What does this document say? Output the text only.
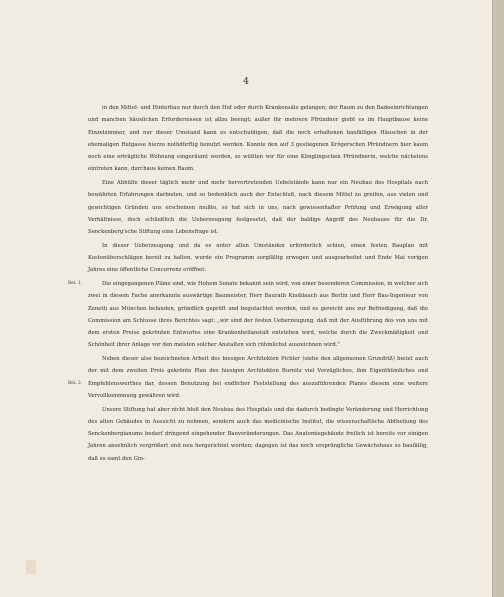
4

in den Mittel- und Hinterbau nur durch den Hof oder durch Krankensäle gelangen; der Raum zu den Badeeinrichtungen und manchen häuslichen Erfordernissen ist allzu beengt; außer für mehrere Pfründner giebt es im Hauptbause keine Einzelzimmer, und nur dieser Umstand kann es entschuldigen, daß die noch erhaltenen baufälligen Häuschen in der ehemaligen Rutgasse hierzu nothdürftig benutzt werden. Konnte den auf 3 gestiegenen Krögerschen Pfründnern hier kaum noch eine erträgliche Wohnung eingeräumt werden, so wüßten wir für eine Künglingschen Pfründnerin, welche nächstens eintreten kann, durchaus keinen Raum.

Eine Abhülfe dieser täglich mehr und mehr hervortretenden Uebelstände kann nur ein Neubau des Hospitals nach bewährten Erfahrungen darbieten, und so bedenklich auch der Entschluß, nach diesem Mittel zu greifen, aus vielen und gewichtigen Gründen uns erscheinen mußte, so hat sich in uns, nach gewissenhafter Prüfung und Erwägung aller Verhältnisse, doch schließlich die Ueberzeugung festgesetzt, daß der baldige Angriff des Neubaues für die Dr. Senckenberg'sche Stiftung eine Lebensfrage ist.

In dieser Ueberzeugung und da es unter allen Umständen erforderlich schien, einen festen Bauplan mit Kostenüberschlägen bereit zu halten, wurde ein Programm sorgfältig erwogen und ausgearbeitet und Ende Mai vorigen Jahres eine öffentliche Concurrenz eröffnet.

Die eingegangenen Pläne sind, wie Hohem Senate bekannt sein wird, von einer besonderen Commission, in welcher sich zwei in diesem Fache anerkannte auswärtige Baumeister, Herr Baurath Knoblauch aus Berlin und Herr Bau-Ingenieur von Zenetti aus München befanden, gründlich geprüft und begutachtet worden, und es gereicht uns zur Befriedigung, daß die Commission am Schlusse ihres Berichtes sagt: „wir sind der festen Ueberzeugung, daß mit der Ausführung des von uns mit dem ersten Preise gekrönten Entwurfes eine Krankenheilanstalt entstehen wird, welche durch die Zweckmäßigkeit und Schönheit ihrer Anlage vor den meisten solcher Anstalten sich rühmlichst auszeichnen wird."

Neben dieser also bezeichneten Arbeit des hiesigen Architekten Pichler (siehe den allgemeinen Grundriß) bietet auch der mit dem zweiten Preis gekrönte Plan des hiesigen Architekten Burnitz viel Vorzügliches, ihm Eigenthümliches und Empfehlenswerthes dar, dessen Benutzung bei endlicher Feststellung des auszuführenden Planes diesem eine weitere Vervollkommnung gewähren wird.

Unsere Stiftung hat aber nicht bloß den Neubau des Hospitals und die dadurch bedingte Veränderung und Herrichtung des alten Gebäudes in Aussicht zu nehmen, sondern auch das medicinische Institut, die wissenschaftliche Abtheilung des Senckenbergianums bedarf dringend eingehender Bauveränderungen. Das Anatomiegebäude freilich ist bereits vor einigen Jahren ansehnlich vergrößert und neu hergerichtet worden; dagegen ist das noch ursprüngliche Gewächshaus so baufällig, daß es samt den Gin-

Bei. 1.
Bei. 2.
